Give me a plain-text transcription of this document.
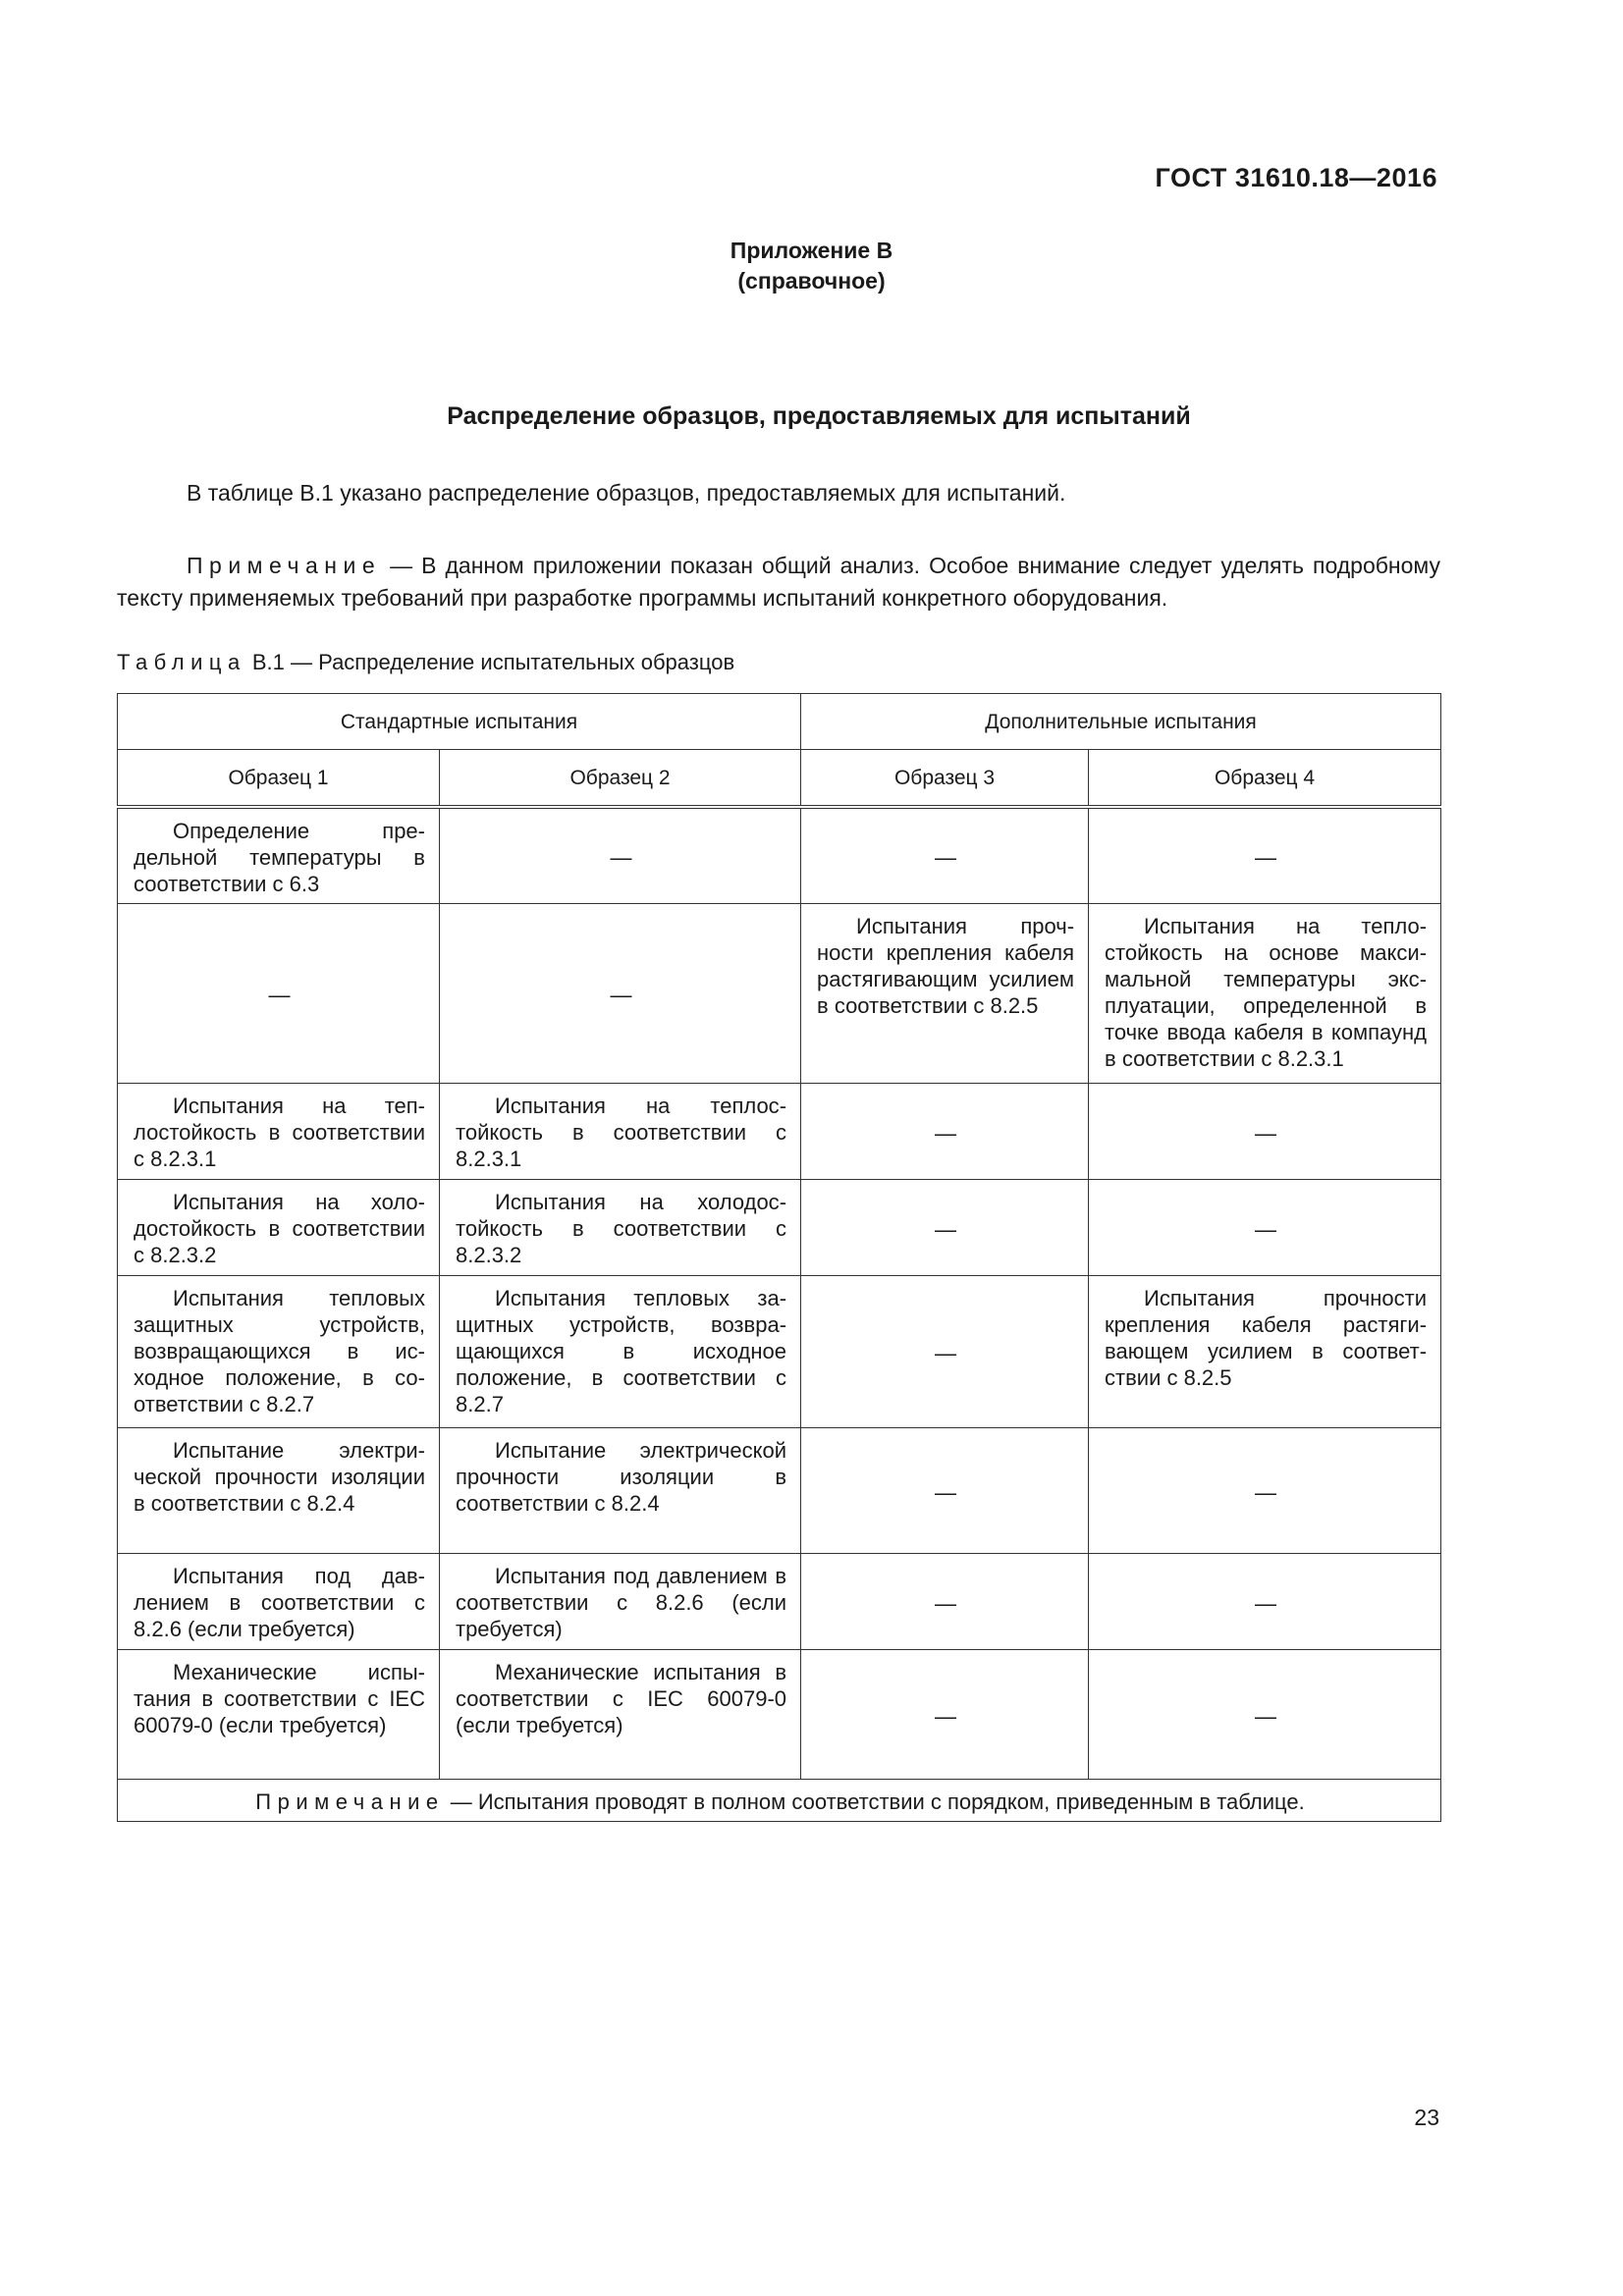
ГОСТ 31610.18—2016
Приложение В
(справочное)
Распределение образцов, предоставляемых для испытаний
В таблице В.1 указано распределение образцов, предоставляемых для испытаний.
Примечание — В данном приложении показан общий анализ. Особое внимание следует уделять подробному тексту применяемых требований при разработке программы испытаний конкретного оборудования.
Таблица В.1 — Распределение испытательных образцов
Стандартные испытания		Дополнительные испытания	
Образец 1	Образец 2	Образец 3	Образец 4
Определение предельной температуры в соответствии с 6.3	—	—	—
—	—	Испытания прочности крепления кабеля растягивающим усилием в соответствии с 8.2.5	Испытания на теплостойкость на основе максимальной температуры эксплуатации, определенной в точке ввода кабеля в компаунд в соответствии с 8.2.3.1
Испытания на теплостойкость в соответствии с 8.2.3.1	Испытания на теплостойкость в соответствии с 8.2.3.1	—	—
Испытания на холодостойкость в соответствии с 8.2.3.2	Испытания на холодостойкость в соответствии с 8.2.3.2	—	—
Испытания тепловых защитных устройств, возвращающихся в исходное положение, в соответствии с 8.2.7	Испытания тепловых защитных устройств, возвращающихся в исходное положение, в соответствии с 8.2.7	—	Испытания прочности крепления кабеля растягивающем усилием в соответствии с 8.2.5
Испытание электрической прочности изоляции в соответствии с 8.2.4	Испытание электрической прочности изоляции в соответствии с 8.2.4	—	—
Испытания под давлением в соответствии с 8.2.6 (если требуется)	Испытания под давлением в соответствии с 8.2.6 (если требуется)	—	—
Механические испытания в соответствии с IEC 60079-0 (если требуется)	Механические испытания в соответствии с IEC 60079-0 (если требуется)	—	—
Примечание — Испытания проводят в полном соответствии с порядком, приведенным в таблице.			
23
